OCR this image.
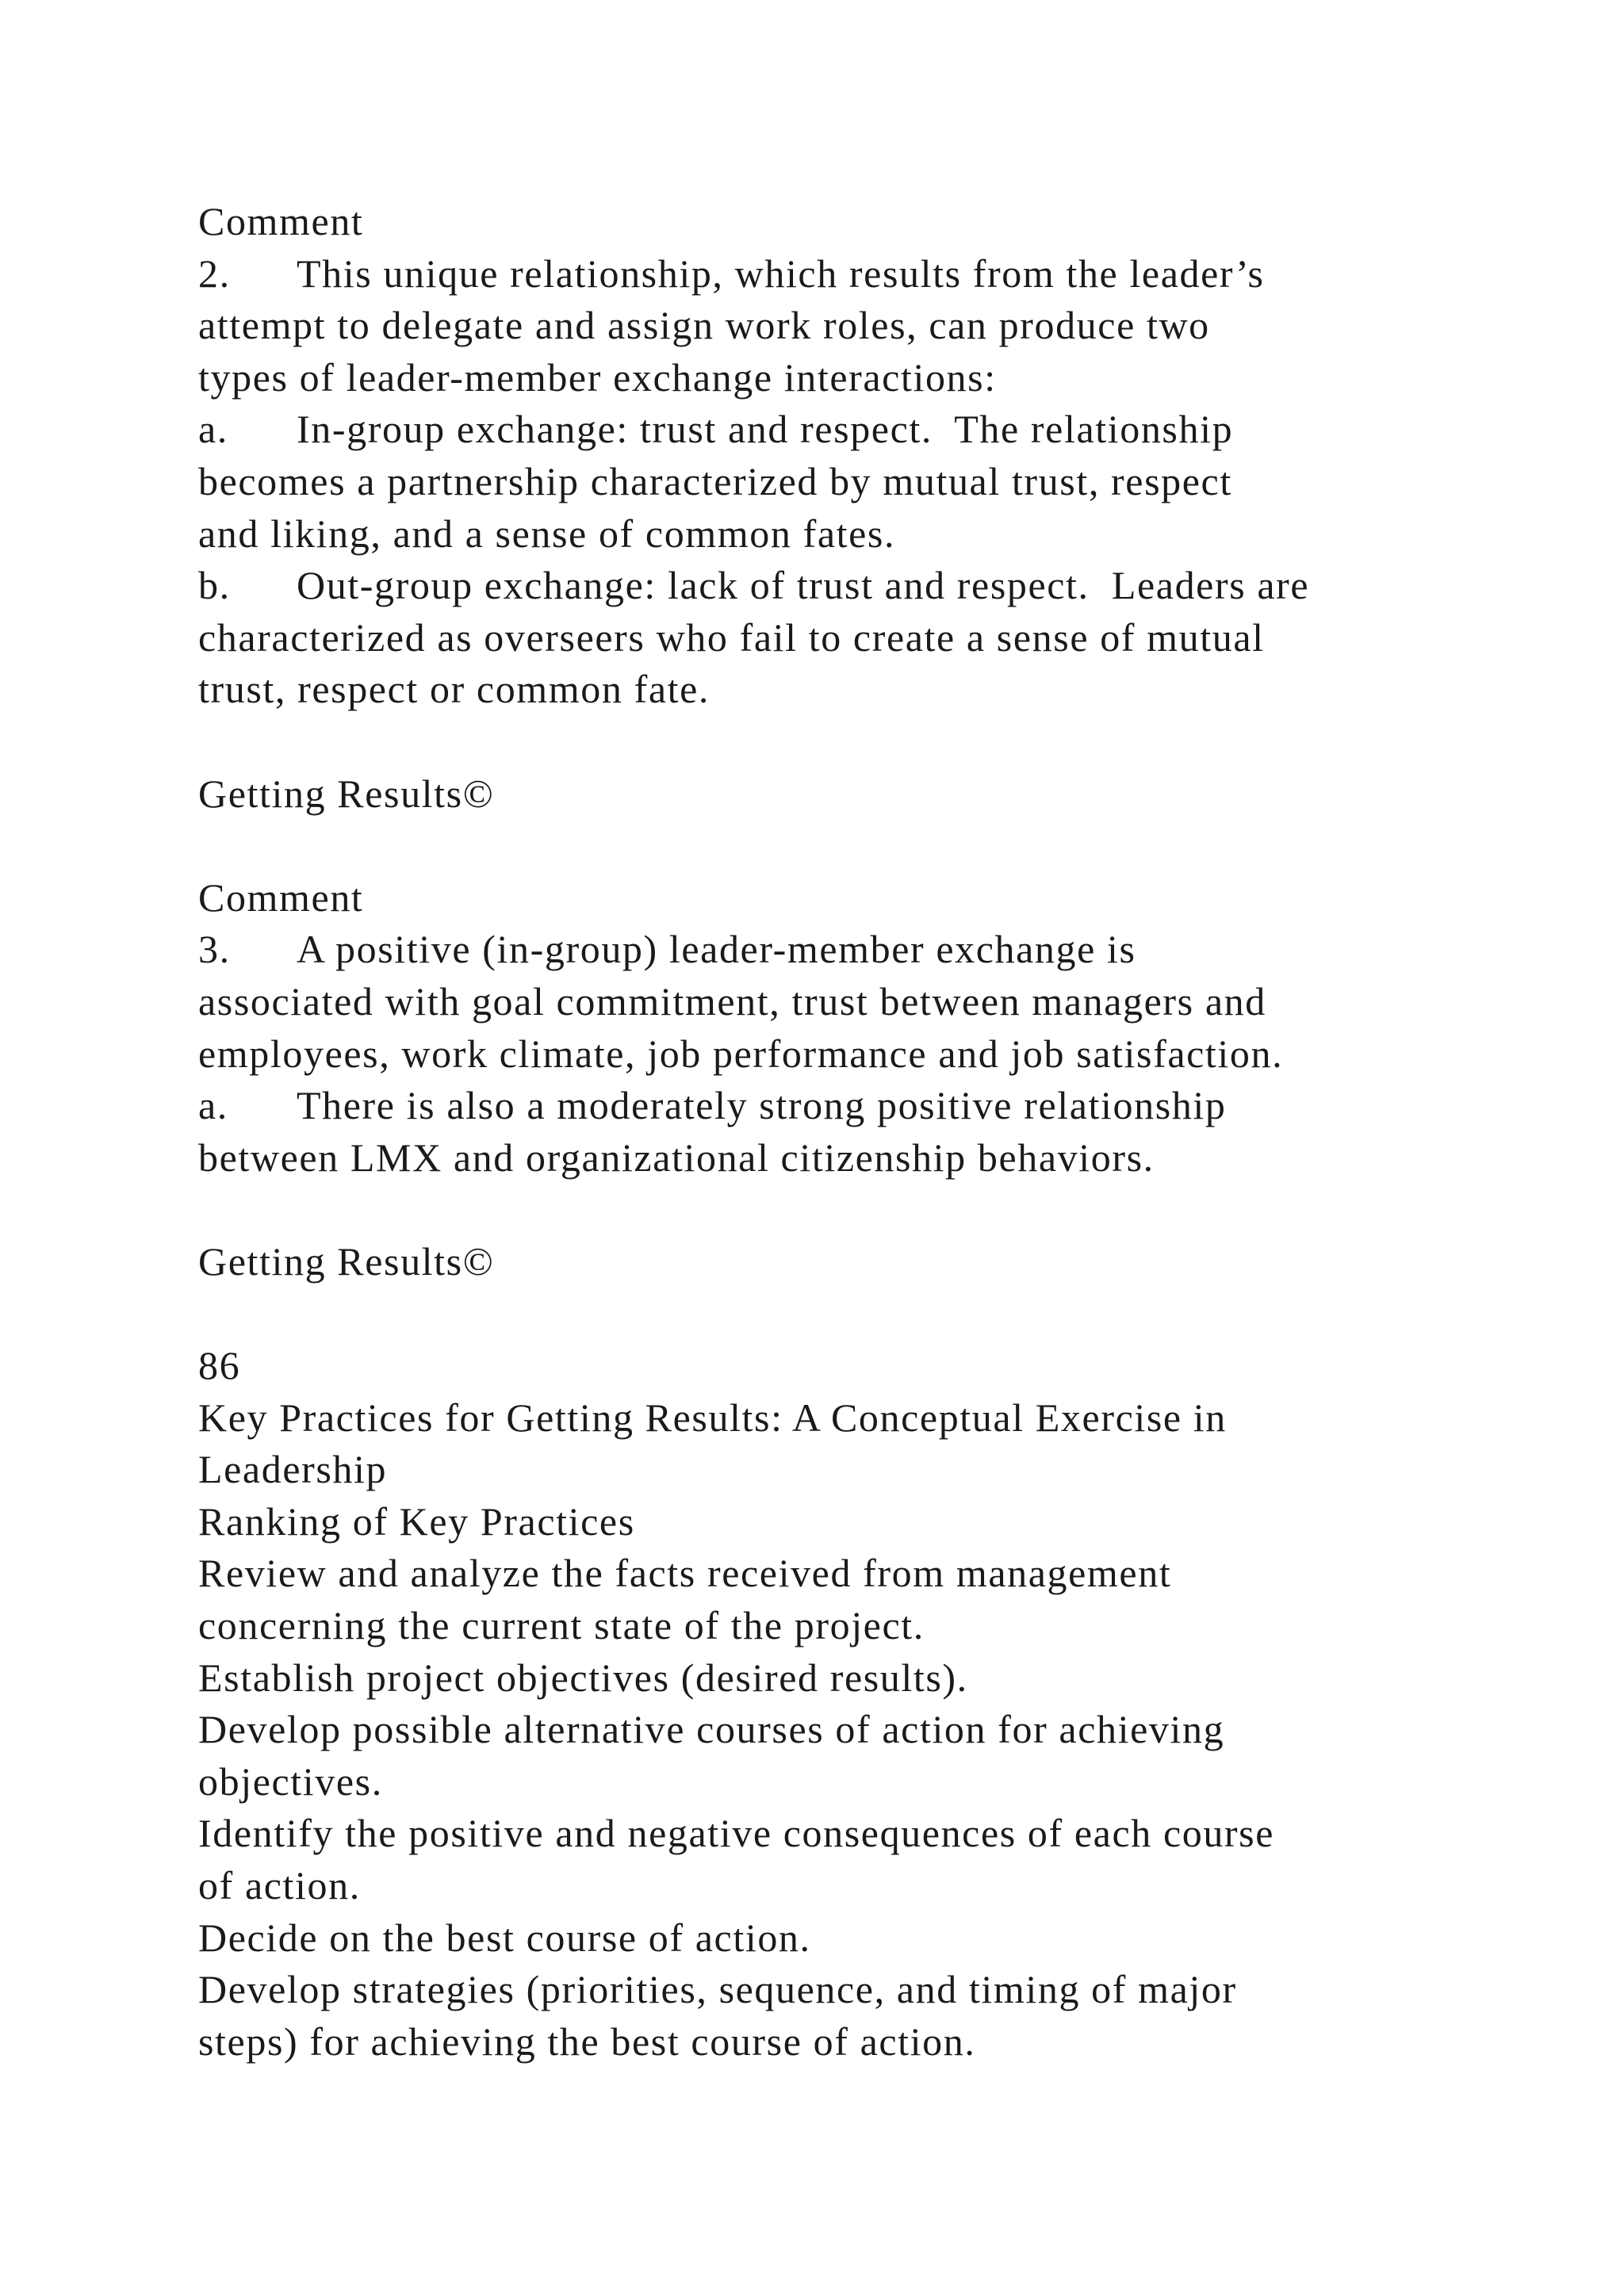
Comment
2. This unique relationship, which results from the leader’s
attempt to delegate and assign work roles, can produce two
types of leader-member exchange interactions:
a. In-group exchange: trust and respect.  The relationship
becomes a partnership characterized by mutual trust, respect
and liking, and a sense of common fates.
b. Out-group exchange: lack of trust and respect.  Leaders are
characterized as overseers who fail to create a sense of mutual
trust, respect or common fate.
Getting Results©
Comment
3. A positive (in-group) leader-member exchange is
associated with goal commitment, trust between managers and
employees, work climate, job performance and job satisfaction.
a. There is also a moderately strong positive relationship
between LMX and organizational citizenship behaviors.
Getting Results©
86
Key Practices for Getting Results: A Conceptual Exercise in
Leadership
Ranking of Key Practices
Review and analyze the facts received from management
concerning the current state of the project.
Establish project objectives (desired results).
Develop possible alternative courses of action for achieving
objectives.
Identify the positive and negative consequences of each course
of action.
Decide on the best course of action.
Develop strategies (priorities, sequence, and timing of major
steps) for achieving the best course of action.
